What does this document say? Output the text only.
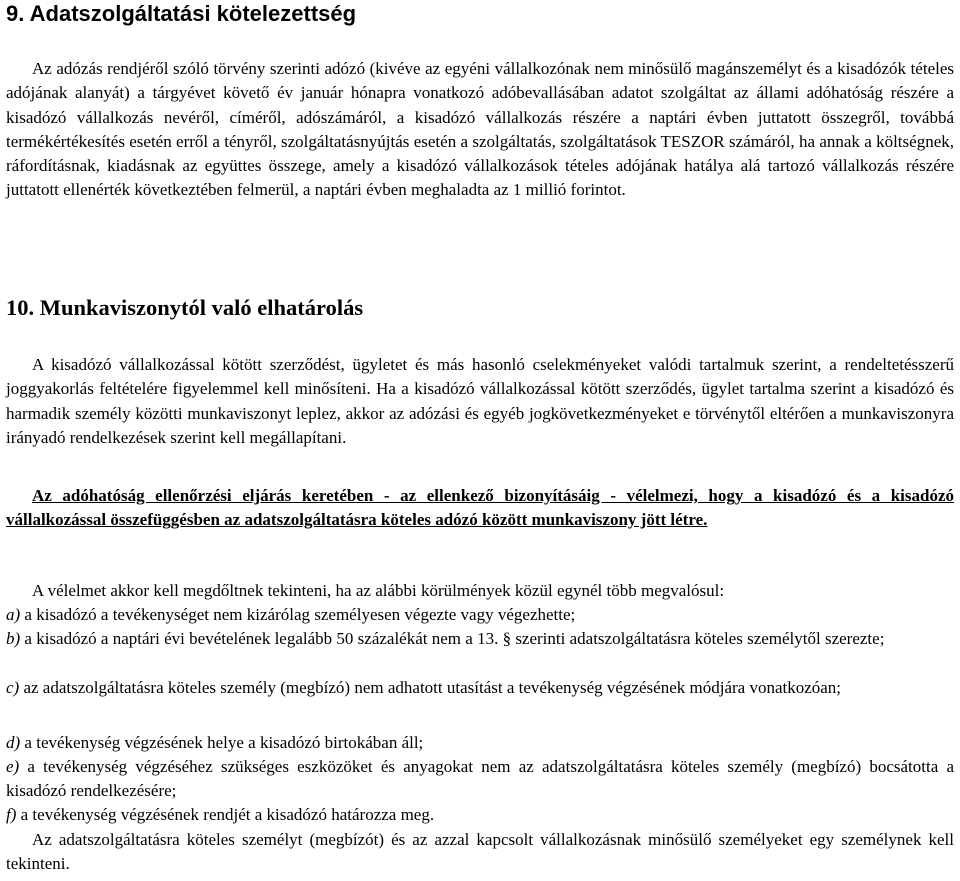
9. Adatszolgáltatási kötelezettség

Az adózás rendjéről szóló törvény szerinti adózó (kivéve az egyéni vállalkozónak nem minősülő magánszemélyt és a kisadózók tételes adójának alanyát) a tárgyévet követő év január hónapra vonatkozó adóbevallásában adatot szolgáltat az állami adóhatóság részére a kisadózó vállalkozás nevéről, címéről, adószámáról, a kisadózó vállalkozás részére a naptári évben juttatott összegről, továbbá termékértékesítés esetén erről a tényről, szolgáltatásnyújtás esetén a szolgáltatás, szolgáltatások TESZOR számáról, ha annak a költségnek, ráfordításnak, kiadásnak az együttes összege, amely a kisadózó vállalkozások tételes adójának hatálya alá tartozó vállalkozás részére juttatott ellenérték következtében felmerül, a naptári évben meghaladta az 1 millió forintot.

10. Munkaviszonytól való elhatárolás

A kisadózó vállalkozással kötött szerződést, ügyletet és más hasonló cselekményeket valódi tartalmuk szerint, a rendeltetésszerű joggyakorlás feltételére figyelemmel kell minősíteni. Ha a kisadózó vállalkozással kötött szerződés, ügylet tartalma szerint a kisadózó és harmadik személy közötti munkaviszonyt leplez, akkor az adózási és egyéb jogkövetkezményeket e törvénytől eltérően a munkaviszonyra irányadó rendelkezések szerint kell megállapítani.

Az adóhatóság ellenőrzési eljárás keretében - az ellenkező bizonyításáig - vélelmezi, hogy a kisadózó és a kisadózó vállalkozással összefüggésben az adatszolgáltatásra köteles adózó között munkaviszony jött létre.

A vélelmet akkor kell megdőltnek tekinteni, ha az alábbi körülmények közül egynél több megvalósul:

a) a kisadózó a tevékenységet nem kizárólag személyesen végezte vagy végezhette;

b) a kisadózó a naptári évi bevételének legalább 50 százalékát nem a 13. § szerinti adatszolgáltatásra köteles személytől szerezte;

c) az adatszolgáltatásra köteles személy (megbízó) nem adhatott utasítást a tevékenység végzésének módjára vonatkozóan;

d) a tevékenység végzésének helye a kisadózó birtokában áll;

e) a tevékenység végzéséhez szükséges eszközöket és anyagokat nem az adatszolgáltatásra köteles személy (megbízó) bocsátotta a kisadózó rendelkezésére;

f) a tevékenység végzésének rendjét a kisadózó határozza meg.

Az adatszolgáltatásra köteles személyt (megbízót) és az azzal kapcsolt vállalkozásnak minősülő személyeket egy személynek kell tekinteni.
